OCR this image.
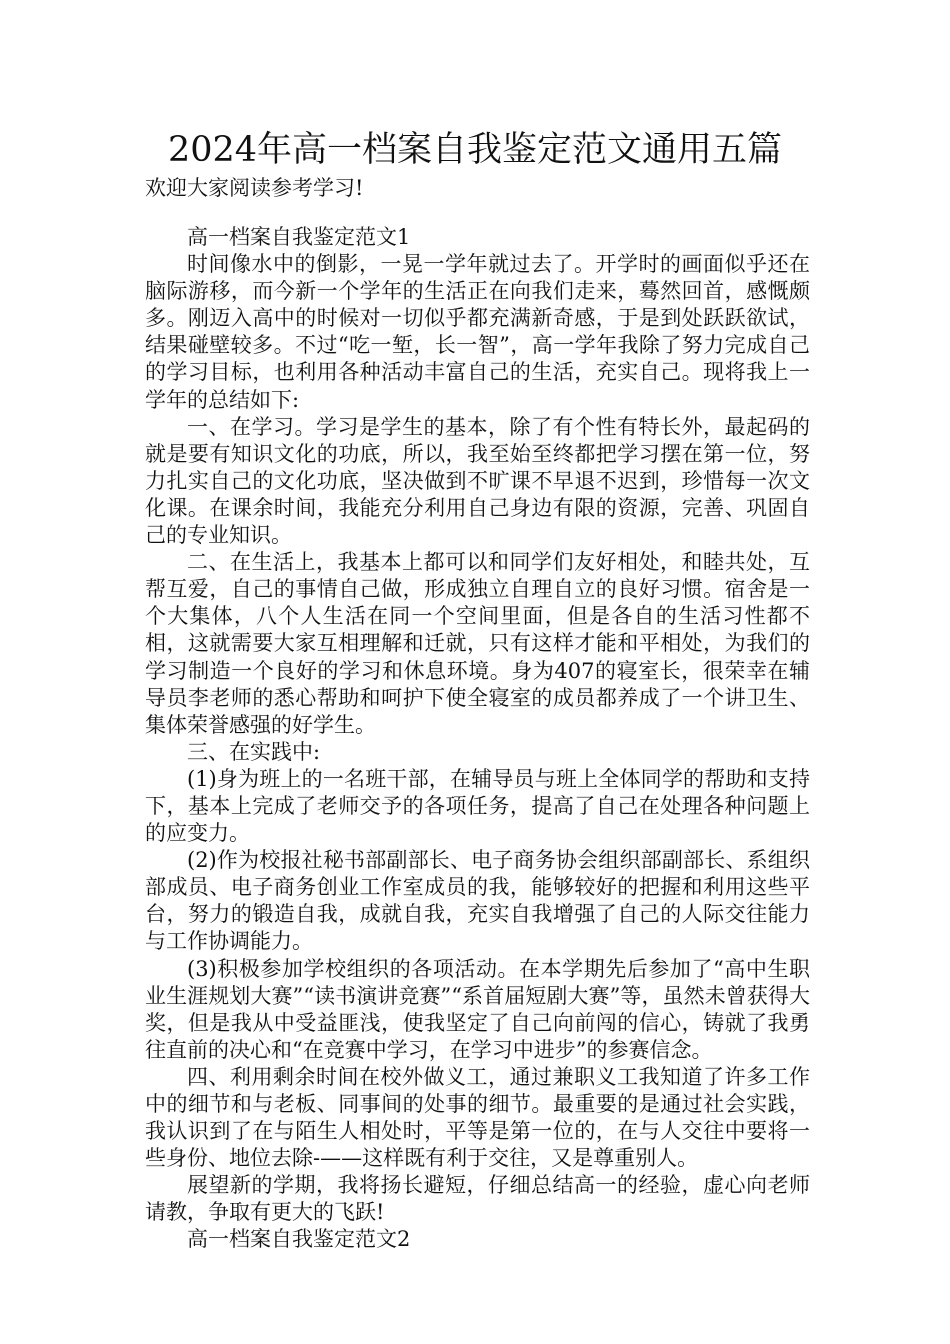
2024年高一档案自我鉴定范文通用五篇
欢迎大家阅读参考学习!

高一档案自我鉴定范文1

时间像水中的倒影，一晃一学年就过去了。开学时的画面似乎还在脑际游移，而今新一个学年的生活正在向我们走来，蓦然回首，感慨颇多。刚迈入高中的时候对一切似乎都充满新奇感，于是到处跃跃欲试，结果碰壁较多。不过“吃一堑，长一智”，高一学年我除了努力完成自己的学习目标，也利用各种活动丰富自己的生活，充实自己。现将我上一学年的总结如下:

一、在学习。学习是学生的基本，除了有个性有特长外，最起码的就是要有知识文化的功底，所以，我至始至终都把学习摆在第一位，努力扎实自己的文化功底，坚决做到不旷课不早退不迟到，珍惜每一次文化课。在课余时间，我能充分利用自己身边有限的资源，完善、巩固自己的专业知识。

二、在生活上，我基本上都可以和同学们友好相处，和睦共处，互帮互爱，自己的事情自己做，形成独立自理自立的良好习惯。宿舍是一个大集体，八个人生活在同一个空间里面，但是各自的生活习性都不相，这就需要大家互相理解和迁就，只有这样才能和平相处，为我们的学习制造一个良好的学习和休息环境。身为407的寝室长，很荣幸在辅导员李老师的悉心帮助和呵护下使全寝室的成员都养成了一个讲卫生、集体荣誉感强的好学生。

三、在实践中:

(1)身为班上的一名班干部，在辅导员与班上全体同学的帮助和支持下，基本上完成了老师交予的各项任务，提高了自己在处理各种问题上的应变力。

(2)作为校报社秘书部副部长、电子商务协会组织部副部长、系组织部成员、电子商务创业工作室成员的我，能够较好的把握和利用这些平台，努力的锻造自我，成就自我，充实自我增强了自己的人际交往能力与工作协调能力。

(3)积极参加学校组织的各项活动。在本学期先后参加了“高中生职业生涯规划大赛”“读书演讲竞赛”“系首届短剧大赛”等，虽然未曾获得大奖，但是我从中受益匪浅，使我坚定了自己向前闯的信心，铸就了我勇往直前的决心和“在竞赛中学习，在学习中进步”的参赛信念。

四、利用剩余时间在校外做义工，通过兼职义工我知道了许多工作中的细节和与老板、同事间的处事的细节。最重要的是通过社会实践，我认识到了在与陌生人相处时，平等是第一位的，在与人交往中要将一些身份、地位去除-——这样既有利于交往，又是尊重别人。

展望新的学期，我将扬长避短，仔细总结高一的经验，虚心向老师请教，争取有更大的飞跃!

高一档案自我鉴定范文2
